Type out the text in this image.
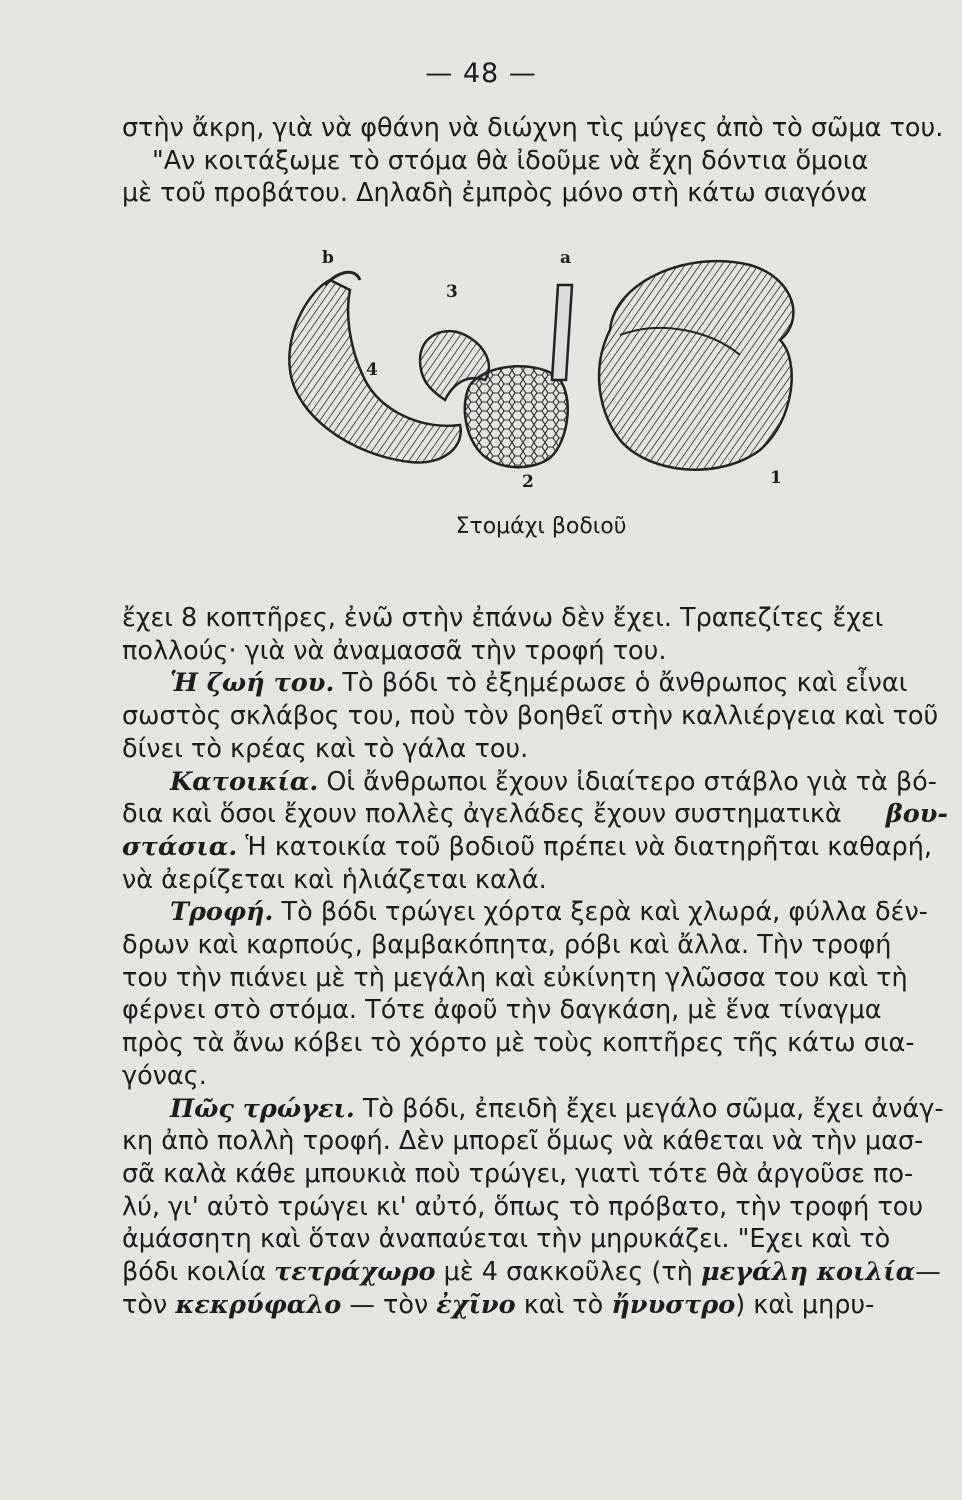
— 48 —
στὴν ἄκρη, γιὰ νὰ φθάνη νὰ διώχνη τὶς μύγες ἀπὸ τὸ σῶμα του.
"Αν κοιτάξωμε τὸ στόμα θὰ ἰδοῦμε νὰ ἔχη δόντια ὅμοια
μὲ τοῦ προβάτου. Δηλαδὴ ἐμπρὸς μόνο στὴ κάτω σιαγόνα
b
3
a
4
2	1
Στομάχι βοδιοῦ
ἔχει 8 κοπτῆρες, ἐνῶ στὴν ἐπάνω δὲν ἔχει. Τραπεζίτες ἔχει
πολλούς· γιὰ νὰ ἀναμασσᾶ τὴν τροφή του.
Ἡ ζωή του. Τὸ βόδι τὸ ἐξημέρωσε ὁ ἄνθρωπος καὶ εἶναι
σωστὸς σκλάβος του, ποὺ τὸν βοηθεῖ στὴν καλλιέργεια καὶ τοῦ
δίνει τὸ κρέας καὶ τὸ γάλα του.
Κατοικία. Οἱ ἄνθρωποι ἔχουν ἰδιαίτερο στάβλο γιὰ τὰ βό-
δια καὶ ὅσοι ἔχουν πολλὲς ἀγελάδες ἔχουν συστηματικὰ βου-
στάσια. Ἡ κατοικία τοῦ βοδιοῦ πρέπει νὰ διατηρῆται καθαρή,
νὰ ἀερίζεται καὶ ἡλιάζεται καλά.
Τροφή. Τὸ βόδι τρώγει χόρτα ξερὰ καὶ χλωρά, φύλλα δέν-
δρων καὶ καρπούς, βαμβακόπητα, ρόβι καὶ ἄλλα. Τὴν τροφή
του τὴν πιάνει μὲ τὴ μεγάλη καὶ εὐκίνητη γλῶσσα του καὶ τὴ
φέρνει στὸ στόμα. Τότε ἀφοῦ τὴν δαγκάση, μὲ ἕνα τίναγμα
πρὸς τὰ ἄνω κόβει τὸ χόρτο μὲ τοὺς κοπτῆρες τῆς κάτω σια-
γόνας.
Πῶς τρώγει. Τὸ βόδι, ἐπειδὴ ἔχει μεγάλο σῶμα, ἔχει ἀνάγ-
κη ἀπὸ πολλὴ τροφή. Δὲν μπορεῖ ὅμως νὰ κάθεται νὰ τὴν μασ-
σᾶ καλὰ κάθε μπουκιὰ ποὺ τρώγει, γιατὶ τότε θὰ ἀργοῦσε πο-
λύ, γι' αὐτὸ τρώγει κι' αὐτό, ὅπως τὸ πρόβατο, τὴν τροφή του
ἀμάσσητη καὶ ὅταν ἀναπαύεται τὴν μηρυκάζει. "Εχει καὶ τὸ
βόδι κοιλία τετράχωρο μὲ 4 σακκοῦλες (τὴ μεγάλη κοιλία—
τὸν κεκρύφαλο — τὸν ἐχῖνο καὶ τὸ ἤνυστρο) καὶ μηρυ-
